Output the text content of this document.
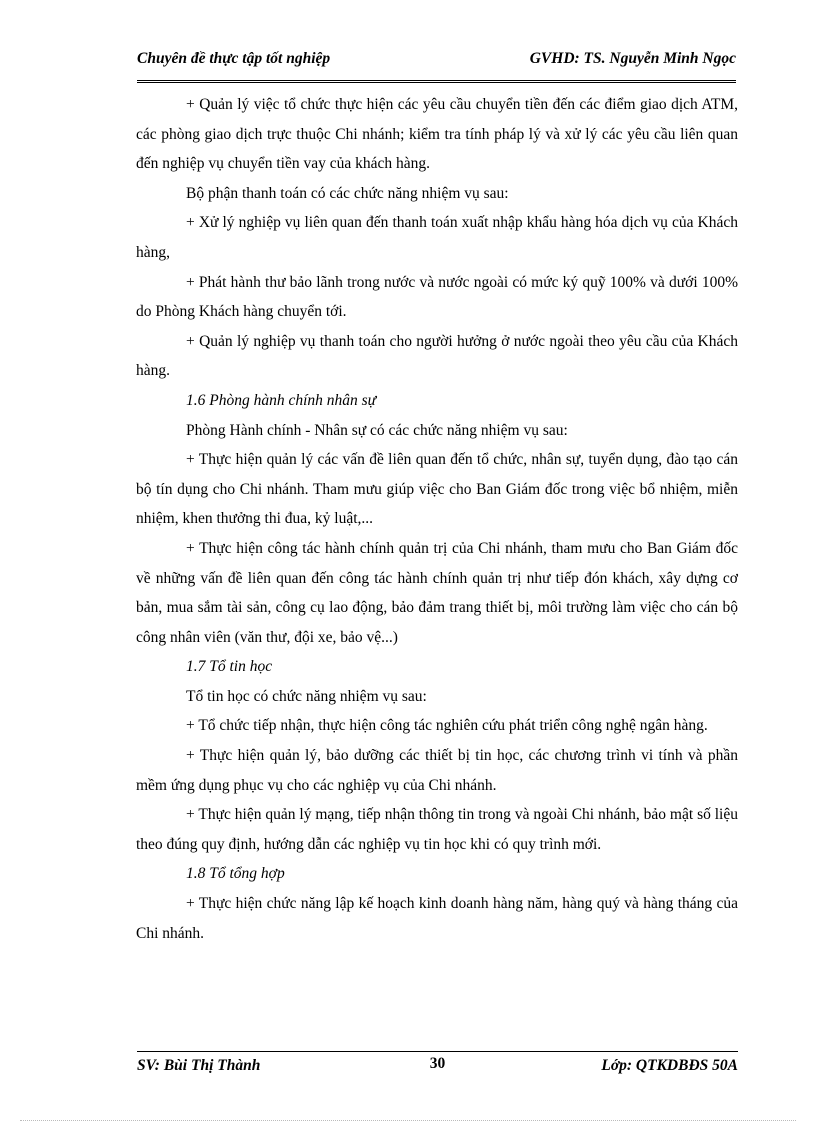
Chuyên đề thực tập tốt nghiệp	GVHD: TS. Nguyễn Minh Ngọc

+ Quản lý việc tổ chức thực hiện các yêu cầu chuyển tiền đến các điểm giao dịch ATM, các phòng giao dịch trực thuộc Chi nhánh; kiểm tra tính pháp lý và xử lý các yêu cầu liên quan đến nghiệp vụ chuyển tiền vay của khách hàng.

Bộ phận thanh toán có các chức năng nhiệm vụ sau:

+ Xử lý nghiệp vụ liên quan đến thanh toán xuất nhập khẩu hàng hóa dịch vụ của Khách hàng,

+ Phát hành thư bảo lãnh trong nước và nước ngoài có mức ký quỹ 100% và dưới 100% do Phòng Khách hàng chuyển tới.

+ Quản lý nghiệp vụ thanh toán cho người hưởng ở nước ngoài theo yêu cầu của Khách hàng.

1.6 Phòng hành chính nhân sự

Phòng Hành chính - Nhân sự có các chức năng nhiệm vụ sau:

+ Thực hiện quản lý các vấn đề liên quan đến tổ chức, nhân sự, tuyển dụng, đào tạo cán bộ tín dụng cho Chi nhánh. Tham mưu giúp việc cho Ban Giám đốc trong việc bổ nhiệm, miễn nhiệm, khen thưởng thi đua, kỷ luật,...

+ Thực hiện công tác hành chính quản trị của Chi nhánh, tham mưu cho Ban Giám đốc về những vấn đề liên quan đến công tác hành chính quản trị như tiếp đón khách, xây dựng cơ bản, mua sắm tài sản, công cụ lao động, bảo đảm trang thiết bị, môi trường làm việc cho cán bộ công nhân viên (văn thư, đội xe, bảo vệ...)

1.7 Tổ tin học

Tổ tin học có chức năng nhiệm vụ sau:

+ Tổ chức tiếp nhận, thực hiện công tác nghiên cứu phát triển công nghệ ngân hàng.

+ Thực hiện quản lý, bảo dưỡng các thiết bị tin học, các chương trình vi tính và phần mềm ứng dụng phục vụ cho các nghiệp vụ của Chi nhánh.

+ Thực hiện quản lý mạng, tiếp nhận thông tin trong và ngoài Chi nhánh, bảo mật số liệu theo đúng quy định, hướng dẫn các nghiệp vụ tin học khi có quy trình mới.

1.8 Tổ tổng hợp

+ Thực hiện chức năng lập kế hoạch kinh doanh hàng năm, hàng quý và hàng tháng của Chi nhánh.

SV: Bùi Thị Thành	30	Lớp: QTKDBĐS 50A
